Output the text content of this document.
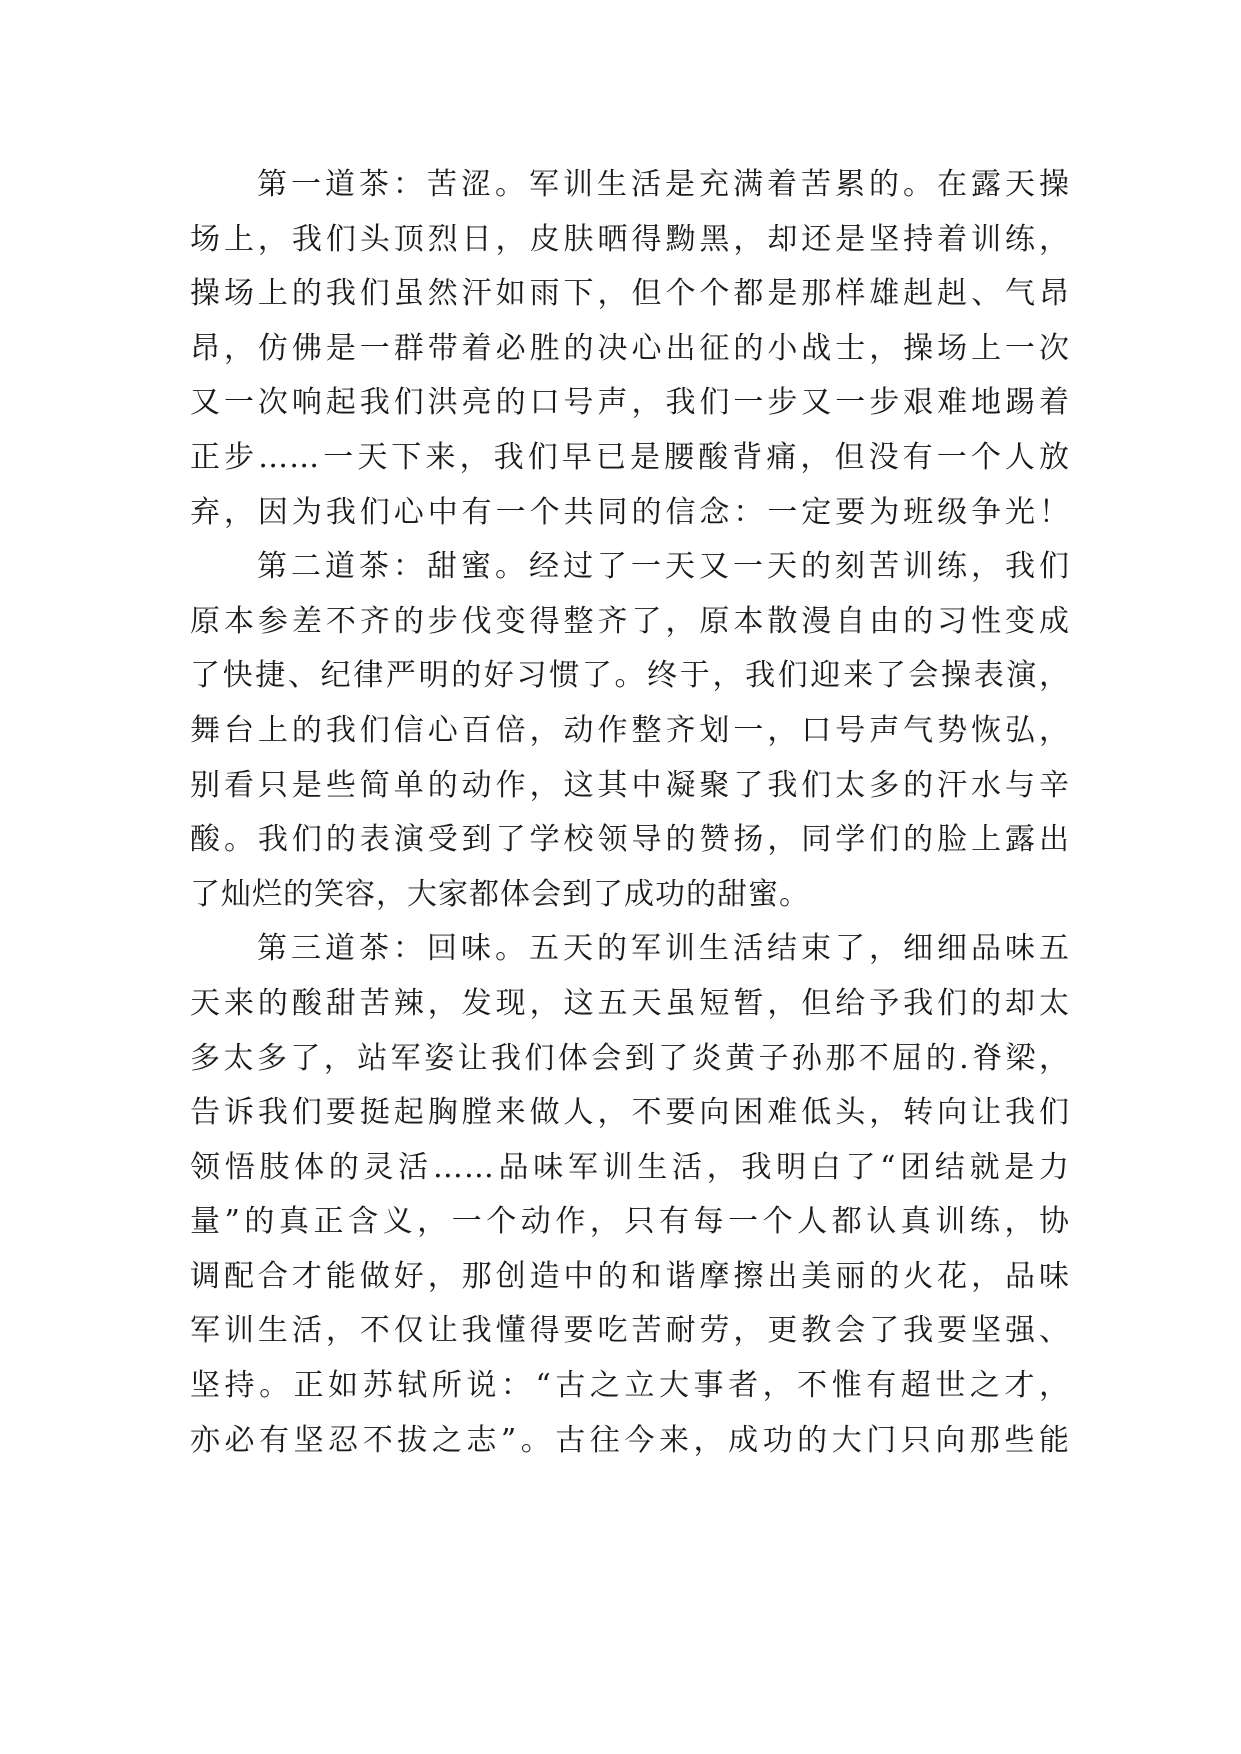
第一道茶：苦涩。军训生活是充满着苦累的。在露天操
场上，我们头顶烈日，皮肤晒得黝黑，却还是坚持着训练，
操场上的我们虽然汗如雨下，但个个都是那样雄赳赳、气昂
昂，仿佛是一群带着必胜的决心出征的小战士，操场上一次
又一次响起我们洪亮的口号声，我们一步又一步艰难地踢着
正步……一天下来，我们早已是腰酸背痛，但没有一个人放
弃，因为我们心中有一个共同的信念：一定要为班级争光！
第二道茶：甜蜜。经过了一天又一天的刻苦训练，我们
原本参差不齐的步伐变得整齐了，原本散漫自由的习性变成
了快捷、纪律严明的好习惯了。终于，我们迎来了会操表演，
舞台上的我们信心百倍，动作整齐划一，口号声气势恢弘，
别看只是些简单的动作，这其中凝聚了我们太多的汗水与辛
酸。我们的表演受到了学校领导的赞扬，同学们的脸上露出
了灿烂的笑容，大家都体会到了成功的甜蜜。
第三道茶：回味。五天的军训生活结束了，细细品味五
天来的酸甜苦辣，发现，这五天虽短暂，但给予我们的却太
多太多了，站军姿让我们体会到了炎黄子孙那不屈的.脊梁，
告诉我们要挺起胸膛来做人，不要向困难低头，转向让我们
领悟肢体的灵活……品味军训生活，我明白了“团结就是力
量”的真正含义，一个动作，只有每一个人都认真训练，协
调配合才能做好，那创造中的和谐摩擦出美丽的火花，品味
军训生活，不仅让我懂得要吃苦耐劳，更教会了我要坚强、
坚持。正如苏轼所说：“古之立大事者，不惟有超世之才，
亦必有坚忍不拔之志”。古往今来，成功的大门只向那些能
